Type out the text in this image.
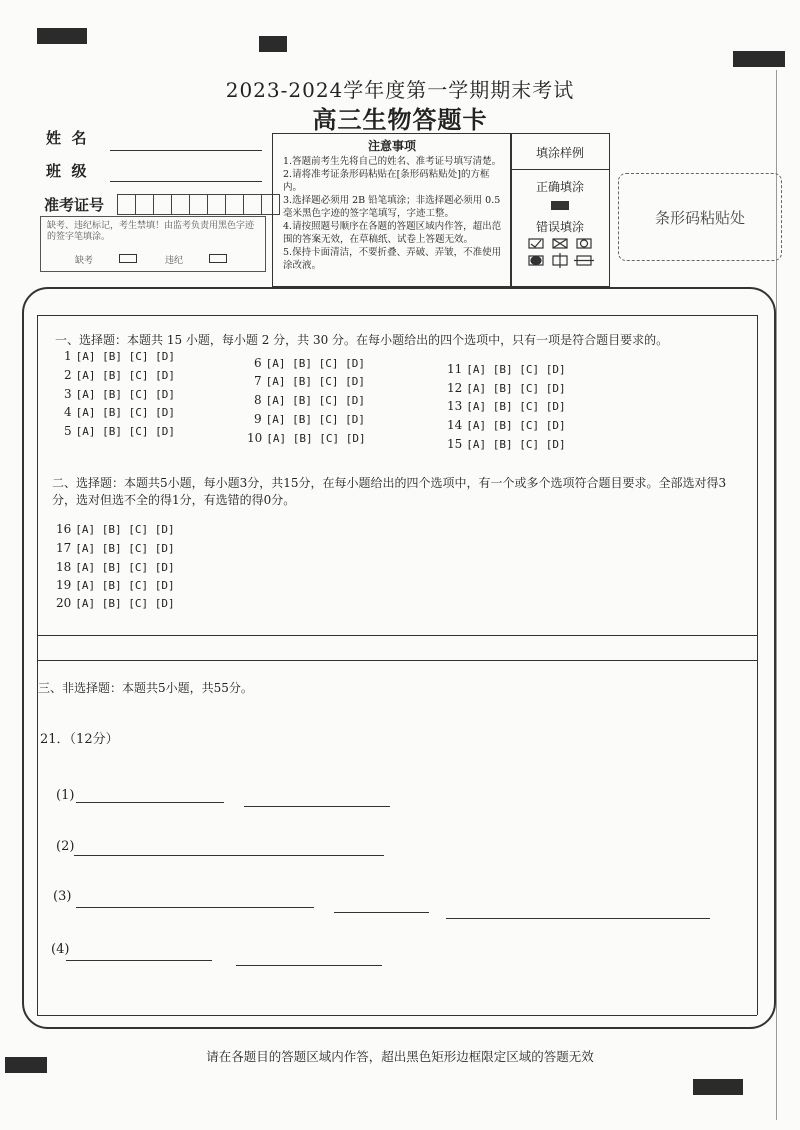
2023-2024学年度第一学期期末考试
高三生物答题卡
姓  名
班  级
准考证号
缺考、违纪标记，考生禁填！由监考负责用黑色字迹的签字笔填涂。
缺考	违纪
注意事项
1.答题前考生先将自己的姓名、准考证号填写清楚。
2.请将准考证条形码粘贴在[条形码粘贴处]的方框内。
3.选择题必须用 2B 铅笔填涂；非选择题必须用 0.5 毫米黑色字迹的签字笔填写，字迹工整。
4.请按照题号顺序在各题的答题区域内作答，超出范围的答案无效，在草稿纸、试卷上答题无效。
5.保持卡面清洁，不要折叠、弄破、弄皱，不准使用涂改液。
填涂样例
正确填涂
错误填涂
条形码粘贴处
一、选择题：本题共 15 小题，每小题 2 分，共 30 分。在每小题给出的四个选项中，只有一项是符合题目要求的。
1 [A] [B] [C] [D]
2 [A] [B] [C] [D]
3 [A] [B] [C] [D]
4 [A] [B] [C] [D]
5 [A] [B] [C] [D]
6 [A] [B] [C] [D]
7 [A] [B] [C] [D]
8 [A] [B] [C] [D]
9 [A] [B] [C] [D]
10 [A] [B] [C] [D]
11 [A] [B] [C] [D]
12 [A] [B] [C] [D]
13 [A] [B] [C] [D]
14 [A] [B] [C] [D]
15 [A] [B] [C] [D]
二、选择题：本题共5小题，每小题3分，共15分，在每小题给出的四个选项中，有一个或多个选项符合题目要求。全部选对得3分，选对但选不全的得1分，有选错的得0分。
16 [A] [B] [C] [D]
17 [A] [B] [C] [D]
18 [A] [B] [C] [D]
19 [A] [B] [C] [D]
20 [A] [B] [C] [D]
三、非选择题：本题共5小题，共55分。
21．（12分）
(1)
(2)
(3)
(4)
请在各题目的答题区域内作答，超出黑色矩形边框限定区域的答题无效
